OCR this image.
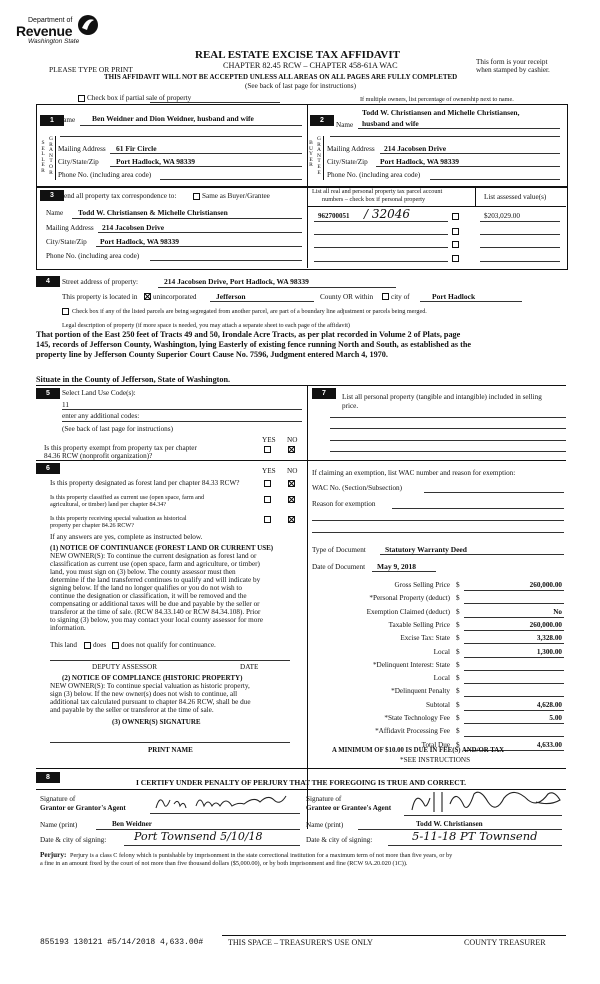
Department of
Revenue
Washington State
REAL ESTATE EXCISE TAX AFFIDAVIT
CHAPTER 82.45 RCW – CHAPTER 458-61A WAC
PLEASE TYPE OR PRINT
This form is your receipt
when stamped by cashier.
THIS AFFIDAVIT WILL NOT BE ACCEPTED UNLESS ALL AREAS ON ALL PAGES ARE FULLY COMPLETED
(See back of last page for instructions)
Check box if partial sale of property	If multiple owners, list percentage of ownership next to name.
1
S
E
L
L
E
R
G
R
A
N
T
O
R
Name Ben Weidner and Dion Weidner, husband and wife
Mailing Address 61 Fir Circle
City/State/Zip Port Hadlock, WA 98339
Phone No. (including area code)
2
B
U
Y
E
R
G
R
A
N
T
E
E
Name
Todd W. Christiansen and Michelle Christiansen,
husband and wife
Mailing Address 214 Jacobsen Drive
City/State/Zip Port Hadlock, WA 98339
Phone No. (including area code)
3 Send all property tax correspondence to:	Same as Buyer/Grantee
Name Todd W. Christiansen & Michelle Christiansen
Mailing Address 214 Jacobsen Drive
City/State/Zip Port Hadlock, WA 98339
Phone No. (including area code)
List all real and personal property tax parcel account
numbers – check box if personal property	List assessed value(s)
962700051 / 32046	$203,029.00
4	Street address of property:	214 Jacobsen Drive, Port Hadlock, WA 98339
This property is located in unincorporated	Jefferson	County OR within city of	Port Hadlock
Check box if any of the listed parcels are being segregated from another parcel, are part of a boundary line adjustment or parcels being merged.
Legal description of property (if more space is needed, you may attach a separate sheet to each page of the affidavit)
That portion of the East 250 feet of Tracts 49 and 50, Irondale Acre Tracts, as per plat recorded in Volume 2 of Plats, page
145, records of Jefferson County, Washington, lying Easterly of existing fence running North and South, as established as the
property line by Jefferson County Superior Court Cause No. 7596, Judgment entered March 4, 1970.
Situate in the County of Jefferson, State of Washington.
5	Select Land Use Code(s):
11
enter any additional codes:
(See back of last page for instructions)
YES NO
Is this property exempt from property tax per chapter
84.36 RCW (nonprofit organization)?
7	List all personal property (tangible and intangible) included in selling
price.
6	YES NO
Is this property designated as forest land per chapter 84.33 RCW?
Is this property classified as current use (open space, farm and
agricultural, or timber) land per chapter 84.34?
Is this property receiving special valuation as historical
property per chapter 84.26 RCW?
If any answers are yes, complete as instructed below.
(1) NOTICE OF CONTINUANCE (FOREST LAND OR CURRENT USE)
NEW OWNER(S): To continue the current designation as forest land or
classification as current use (open space, farm and agriculture, or timber)
land, you must sign on (3) below. The county assessor must then
determine if the land transferred continues to qualify and will indicate by
signing below. If the land no longer qualifies or you do not wish to
continue the designation or classification, it will be removed and the
compensating or additional taxes will be due and payable by the seller or
transferor at the time of sale. (RCW 84.33.140 or RCW 84.34.108). Prior
to signing (3) below, you may contact your local county assessor for more
information.
This land does does not qualify for continuance.
DEPUTY ASSESSOR	DATE
(2) NOTICE OF COMPLIANCE (HISTORIC PROPERTY)
NEW OWNER(S): To continue special valuation as historic property,
sign (3) below. If the new owner(s) does not wish to continue, all
additional tax calculated pursuant to chapter 84.26 RCW, shall be due
and payable by the seller or transferor at the time of sale.
(3) OWNER(S) SIGNATURE
PRINT NAME
If claiming an exemption, list WAC number and reason for exemption:
WAC No. (Section/Subsection)
Reason for exemption
Type of Document	Statutory Warranty Deed
Date of Document May 9, 2018
Gross Selling Price $	260,000.00
*Personal Property (deduct) $
Exemption Claimed (deduct) $	No
Taxable Selling Price $	260,000.00
Excise Tax: State $	3,328.00
Local $	1,300.00
*Delinquent Interest: State $
Local $
*Delinquent Penalty $
Subtotal $	4,628.00
*State Technology Fee $	5.00
*Affidavit Processing Fee $
Total Due $	4,633.00
A MINIMUM OF $10.00 IS DUE IN FEE(S) AND/OR TAX
*SEE INSTRUCTIONS
8
I CERTIFY UNDER PENALTY OF PERJURY THAT THE FOREGOING IS TRUE AND CORRECT.
Signature of
Grantor or Grantor's Agent
Signature of
Grantee or Grantee's Agent
Name (print)	Ben Weidner	Name (print)	Todd W. Christiansen
Date & city of signing:	Port Townsend 5/10/18	Date & city of signing:	5-11-18 PT Townsend
Perjury: Perjury is a class C felony which is punishable by imprisonment in the state correctional institution for a maximum term of not more than five years, or by
a fine in an amount fixed by the court of not more than five thousand dollars ($5,000.00), or by both imprisonment and fine (RCW 9A.20.020 (1C)).
855193 130121 #5/14/2018 4,633.00#	THIS SPACE – TREASURER'S USE ONLY	COUNTY TREASURER
